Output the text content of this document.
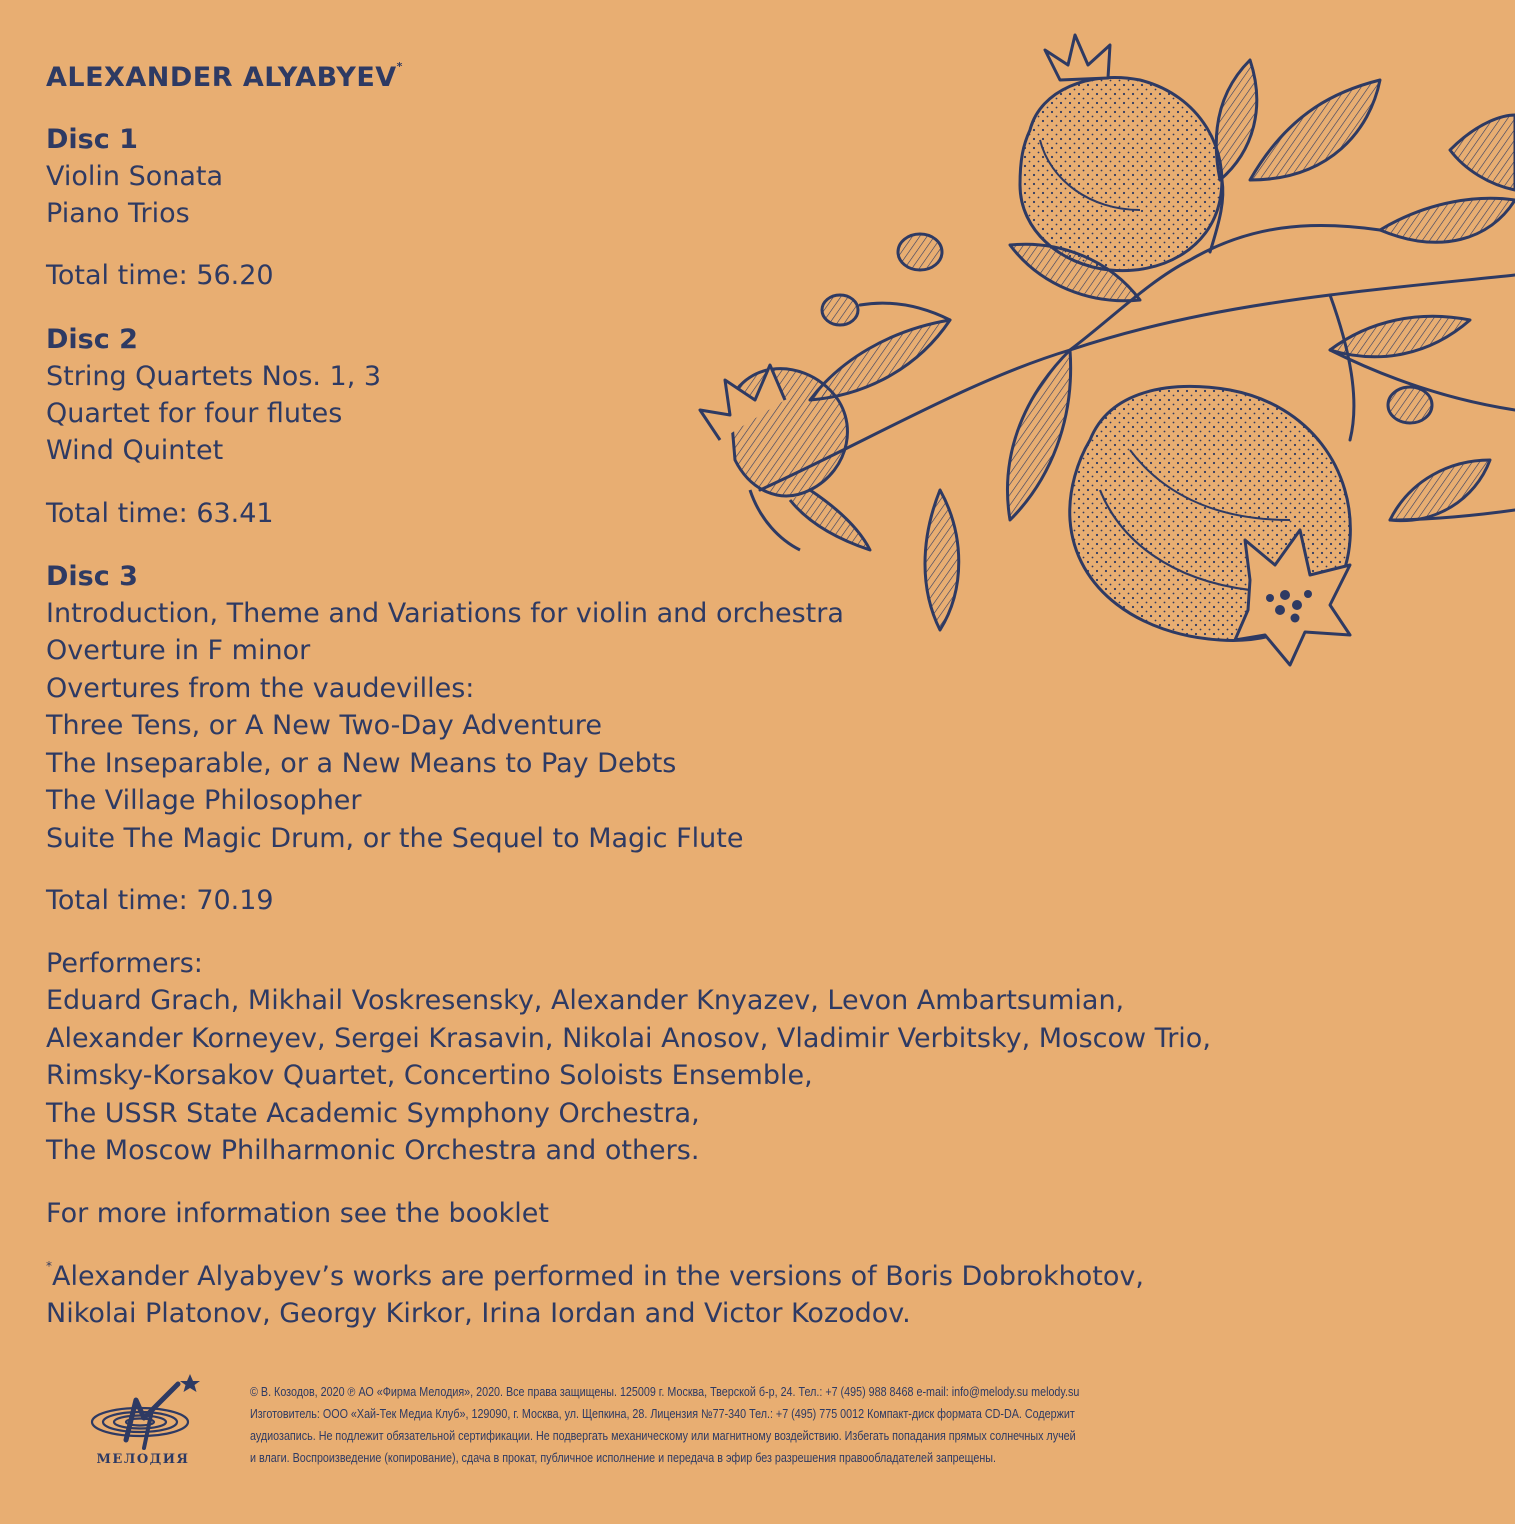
ALEXANDER ALYABYEV*
Disc 1
Violin Sonata
Piano Trios
Total time: 56.20
Disc 2
String Quartets Nos. 1, 3
Quartet for four flutes
Wind Quintet
Total time: 63.41
Disc 3
Introduction, Theme and Variations for violin and orchestra
Overture in F minor
Overtures from the vaudevilles:
Three Tens, or A New Two-Day Adventure
The Inseparable, or a New Means to Pay Debts
The Village Philosopher
Suite The Magic Drum, or the Sequel to Magic Flute
Total time: 70.19
Performers:
Eduard Grach, Mikhail Voskresensky, Alexander Knyazev, Levon Ambartsumian,
Alexander Korneyev, Sergei Krasavin, Nikolai Anosov, Vladimir Verbitsky, Moscow Trio,
Rimsky-Korsakov Quartet, Concertino Soloists Ensemble,
The USSR State Academic Symphony Orchestra,
The Moscow Philharmonic Orchestra and others.
For more information see the booklet
*Alexander Alyabyev’s works are performed in the versions of Boris Dobrokhotov,
Nikolai Platonov, Georgy Kirkor, Irina Iordan and Victor Kozodov.
МЕЛОДИЯ
© В. Козодов, 2020 ℗ АО «Фирма Мелодия», 2020. Все права защищены. 125009 г. Москва, Тверской б-р, 24. Тел.: +7 (495) 988 8468 e-mail: info@melody.su melody.su
Изготовитель: ООО «Хай-Тек Медиа Клуб», 129090, г. Москва, ул. Щепкина, 28. Лицензия №77-340 Тел.: +7 (495) 775 0012 Компакт-диск формата CD-DA. Содержит
аудиозапись. Не подлежит обязательной сертификации. Не подвергать механическому или магнитному воздействию. Избегать попадания прямых солнечных лучей
и влаги. Воспроизведение (копирование), сдача в прокат, публичное исполнение и передача в эфир без разрешения правообладателей запрещены.
